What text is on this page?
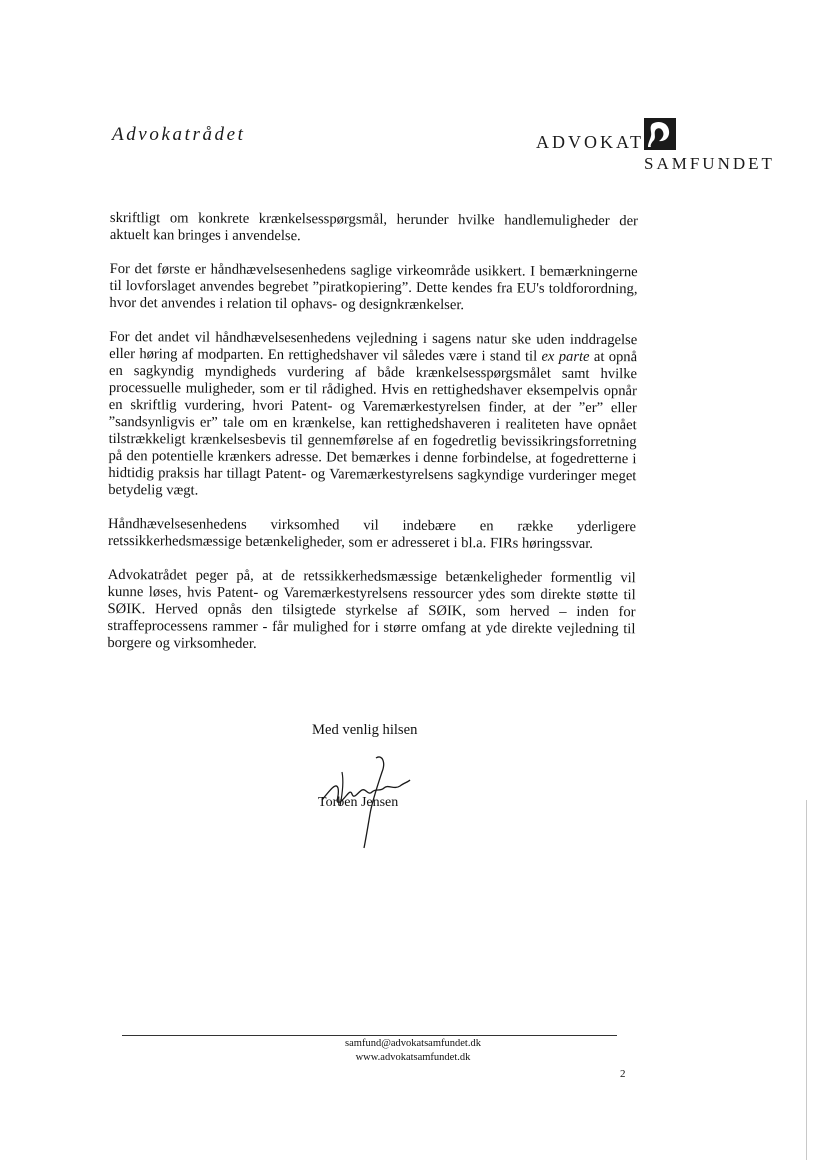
Advokatrådet	ADVOKAT
SAMFUNDET

skriftligt om konkrete krænkelsesspørgsmål, herunder hvilke handlemuligheder der aktuelt kan bringes i anvendelse.

For det første er håndhævelsesenhedens saglige virkeområde usikkert. I bemærkningerne til lovforslaget anvendes begrebet ”piratkopiering”. Dette kendes fra EU's toldforordning, hvor det anvendes i relation til ophavs- og designkrænkelser.

For det andet vil håndhævelsesenhedens vejledning i sagens natur ske uden inddragelse eller høring af modparten. En rettighedshaver vil således være i stand til ex parte at opnå en sagkyndig myndigheds vurdering af både krænkelsesspørgsmålet samt hvilke processuelle muligheder, som er til rådighed. Hvis en rettighedshaver eksempelvis opnår en skriftlig vurdering, hvori Patent- og Varemærkestyrelsen finder, at der ”er” eller ”sandsynligvis er” tale om en krænkelse, kan rettighedshaveren i realiteten have opnået tilstrækkeligt krænkelsesbevis til gennemførelse af en fogedretlig bevissikringsforretning på den potentielle krænkers adresse. Det bemærkes i denne forbindelse, at fogedretterne i hidtidig praksis har tillagt Patent- og Varemærkestyrelsens sagkyndige vurderinger meget betydelig vægt.

Håndhævelsesenhedens virksomhed vil indebære en række yderligere retssikkerhedsmæssige betænkeligheder, som er adresseret i bl.a. FIRs høringssvar.

Advokatrådet peger på, at de retssikkerhedsmæssige betænkeligheder formentlig vil kunne løses, hvis Patent- og Varemærkestyrelsens ressourcer ydes som direkte støtte til SØIK. Herved opnås den tilsigtede styrkelse af SØIK, som herved – inden for straffeprocessens rammer - får mulighed for i større omfang at yde direkte vejledning til borgere og virksomheder.

Med venlig hilsen
Torben Jensen
samfund@advokatsamfundet.dk
www.advokatsamfundet.dk
2
